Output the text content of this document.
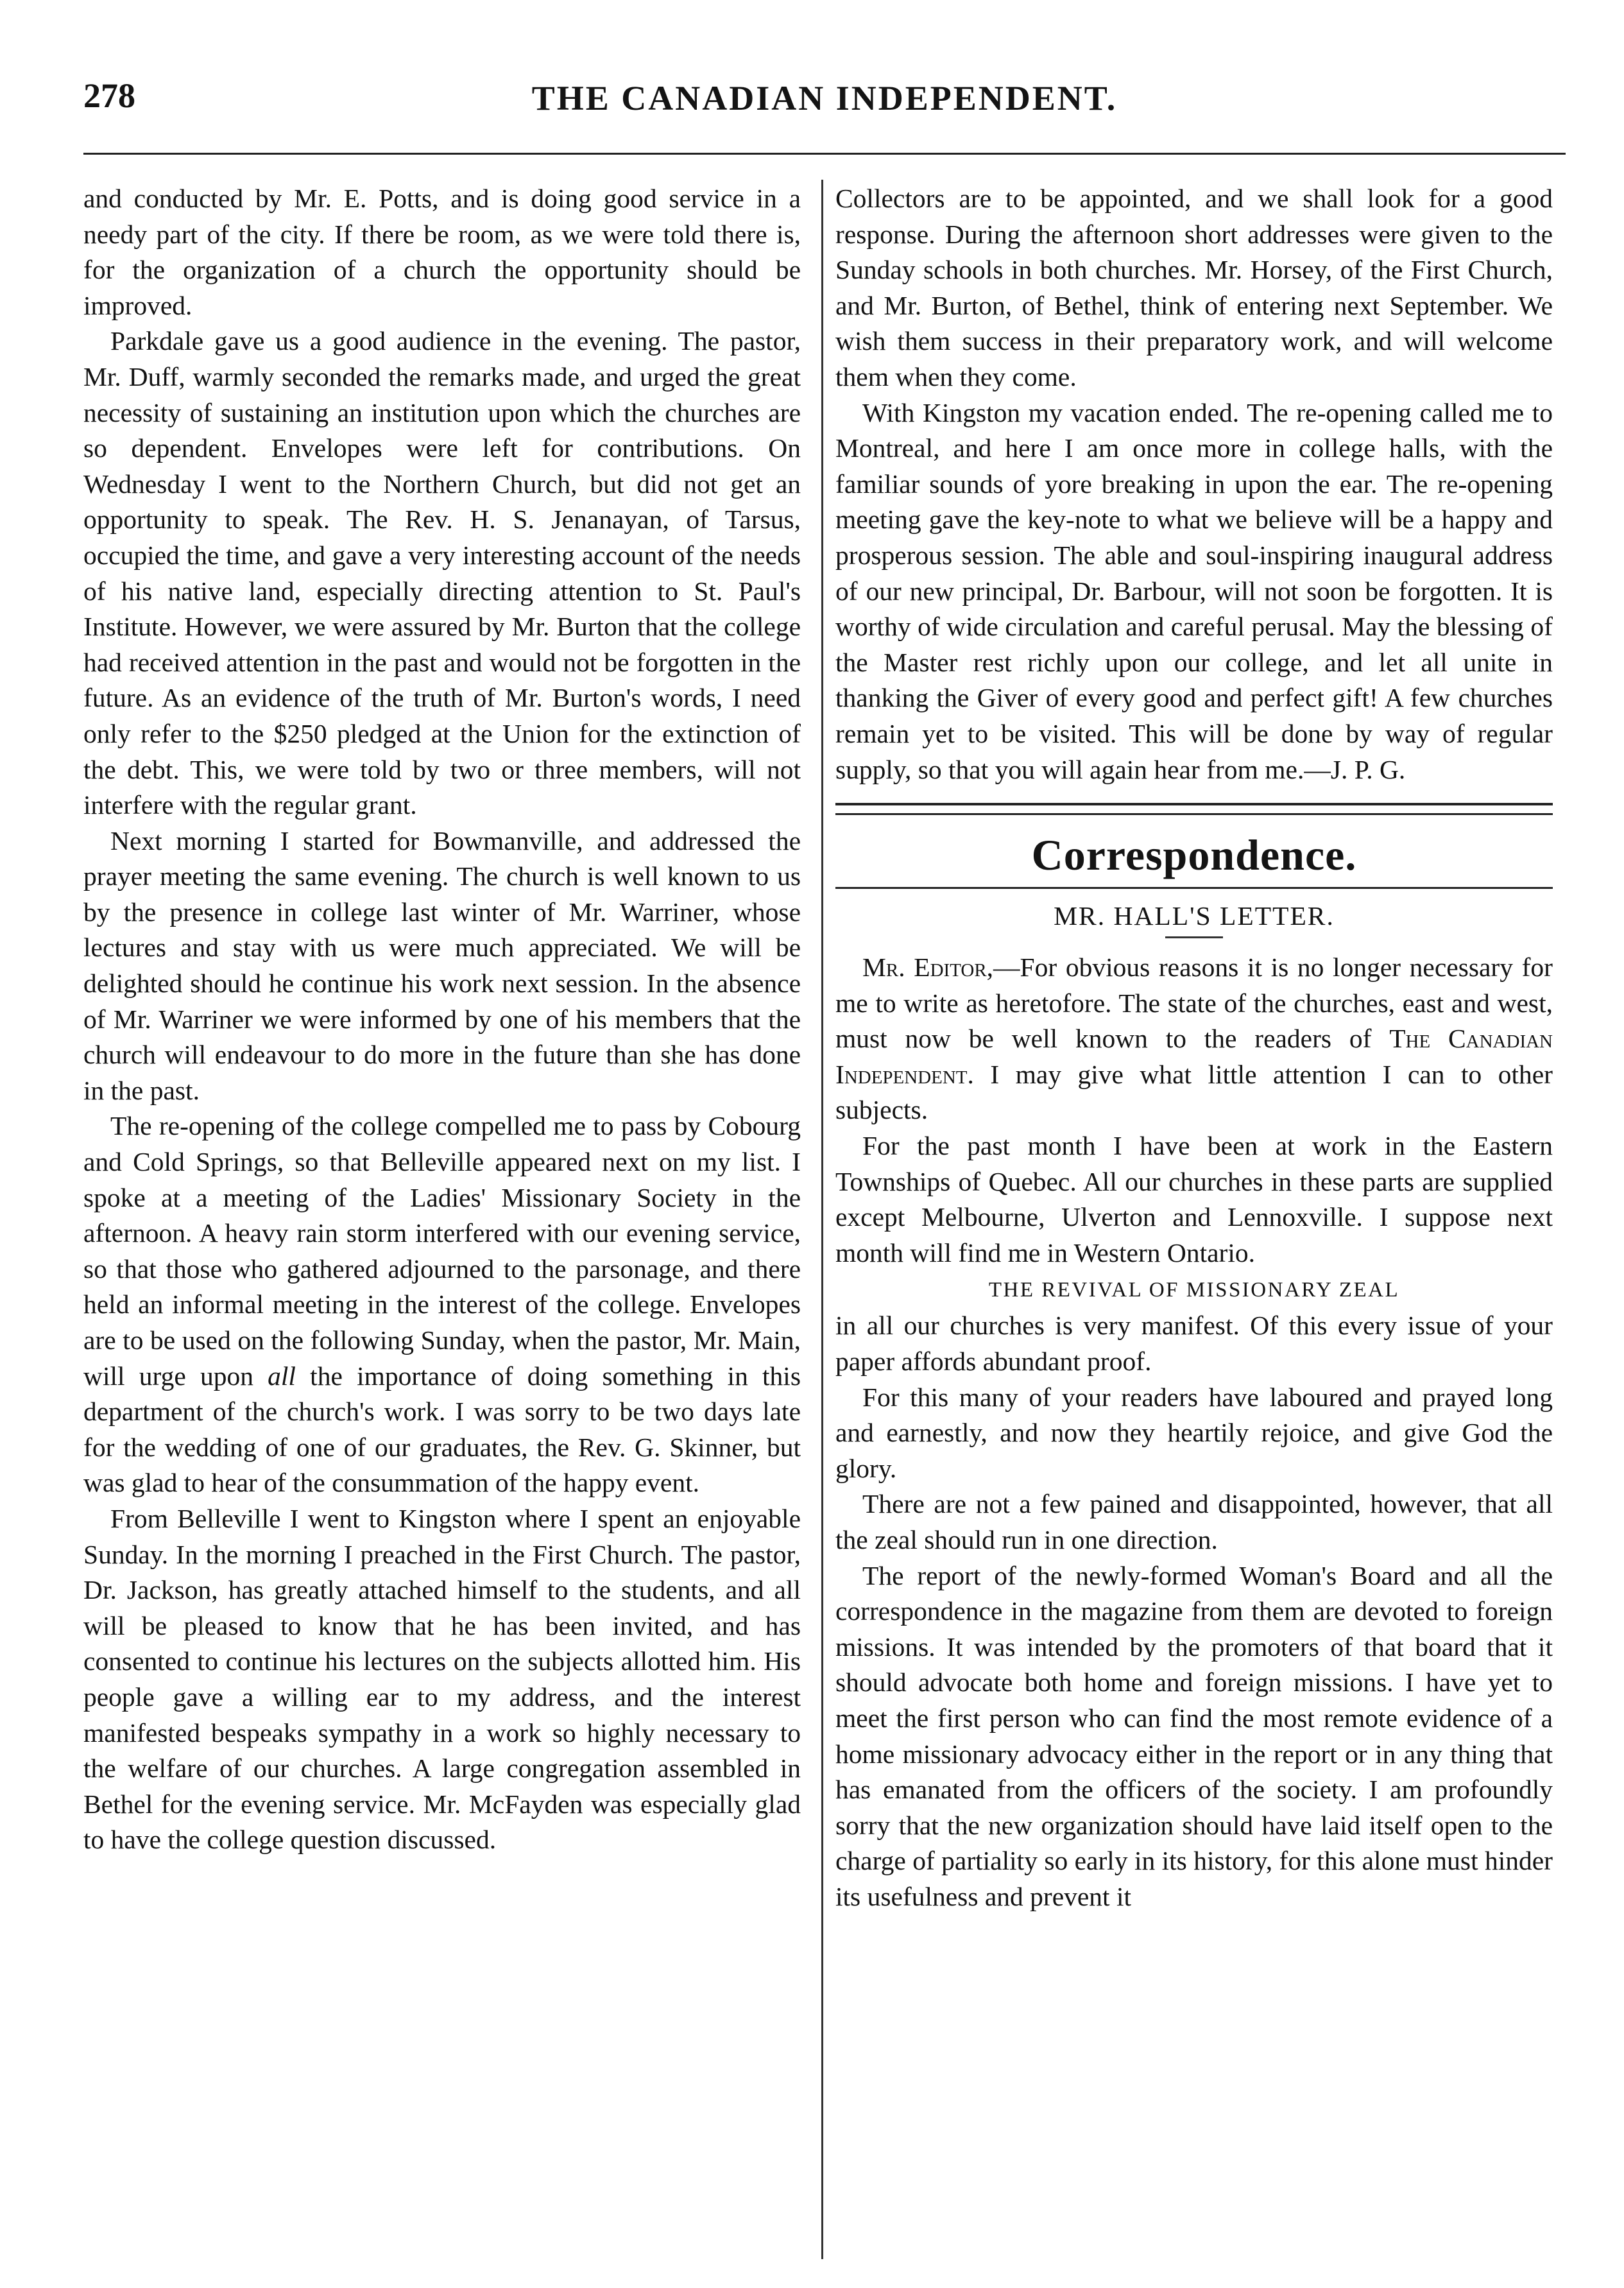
278	THE CANADIAN INDEPENDENT.

and conducted by Mr. E. Potts, and is doing good service in a needy part of the city. If there be room, as we were told there is, for the organization of a church the opportunity should be improved.

Parkdale gave us a good audience in the evening. The pastor, Mr. Duff, warmly seconded the remarks made, and urged the great necessity of sustaining an institution upon which the churches are so dependent. Envelopes were left for contributions. On Wednesday I went to the Northern Church, but did not get an opportunity to speak. The Rev. H. S. Jenanayan, of Tarsus, occupied the time, and gave a very interesting account of the needs of his native land, especially directing attention to St. Paul's Institute. However, we were assured by Mr. Burton that the college had received attention in the past and would not be forgotten in the future. As an evidence of the truth of Mr. Burton's words, I need only refer to the $250 pledged at the Union for the extinction of the debt. This, we were told by two or three members, will not interfere with the regular grant.

Next morning I started for Bowmanville, and addressed the prayer meeting the same evening. The church is well known to us by the presence in college last winter of Mr. Warriner, whose lectures and stay with us were much appreciated. We will be delighted should he continue his work next session. In the absence of Mr. Warriner we were informed by one of his members that the church will endeavour to do more in the future than she has done in the past.

The re-opening of the college compelled me to pass by Cobourg and Cold Springs, so that Belleville appeared next on my list. I spoke at a meeting of the Ladies' Missionary Society in the afternoon. A heavy rain storm interfered with our evening service, so that those who gathered adjourned to the parsonage, and there held an informal meeting in the interest of the college. Envelopes are to be used on the following Sunday, when the pastor, Mr. Main, will urge upon all the importance of doing something in this department of the church's work. I was sorry to be two days late for the wedding of one of our graduates, the Rev. G. Skinner, but was glad to hear of the consummation of the happy event.

From Belleville I went to Kingston where I spent an enjoyable Sunday. In the morning I preached in the First Church. The pastor, Dr. Jackson, has greatly attached himself to the students, and all will be pleased to know that he has been invited, and has consented to continue his lectures on the subjects allotted him. His people gave a willing ear to my address, and the interest manifested bespeaks sympathy in a work so highly necessary to the welfare of our churches. A large congregation assembled in Bethel for the evening service. Mr. McFayden was especially glad to have the college question discussed.

Collectors are to be appointed, and we shall look for a good response. During the afternoon short addresses were given to the Sunday schools in both churches. Mr. Horsey, of the First Church, and Mr. Burton, of Bethel, think of entering next September. We wish them success in their preparatory work, and will welcome them when they come.

With Kingston my vacation ended. The re-opening called me to Montreal, and here I am once more in college halls, with the familiar sounds of yore breaking in upon the ear. The re-opening meeting gave the key-note to what we believe will be a happy and prosperous session. The able and soul-inspiring inaugural address of our new principal, Dr. Barbour, will not soon be forgotten. It is worthy of wide circulation and careful perusal. May the blessing of the Master rest richly upon our college, and let all unite in thanking the Giver of every good and perfect gift! A few churches remain yet to be visited. This will be done by way of regular supply, so that you will again hear from me.—J. P. G.

Correspondence.
MR. HALL'S LETTER.

Mr. Editor,—For obvious reasons it is no longer necessary for me to write as heretofore. The state of the churches, east and west, must now be well known to the readers of The Canadian Independent. I may give what little attention I can to other subjects.

For the past month I have been at work in the Eastern Townships of Quebec. All our churches in these parts are supplied except Melbourne, Ulverton and Lennoxville. I suppose next month will find me in Western Ontario.

THE REVIVAL OF MISSIONARY ZEAL

in all our churches is very manifest. Of this every issue of your paper affords abundant proof.

For this many of your readers have laboured and prayed long and earnestly, and now they heartily rejoice, and give God the glory.

There are not a few pained and disappointed, however, that all the zeal should run in one direction.

The report of the newly-formed Woman's Board and all the correspondence in the magazine from them are devoted to foreign missions. It was intended by the promoters of that board that it should advocate both home and foreign missions. I have yet to meet the first person who can find the most remote evidence of a home missionary advocacy either in the report or in any thing that has emanated from the officers of the society. I am profoundly sorry that the new organization should have laid itself open to the charge of partiality so early in its history, for this alone must hinder its usefulness and prevent it
